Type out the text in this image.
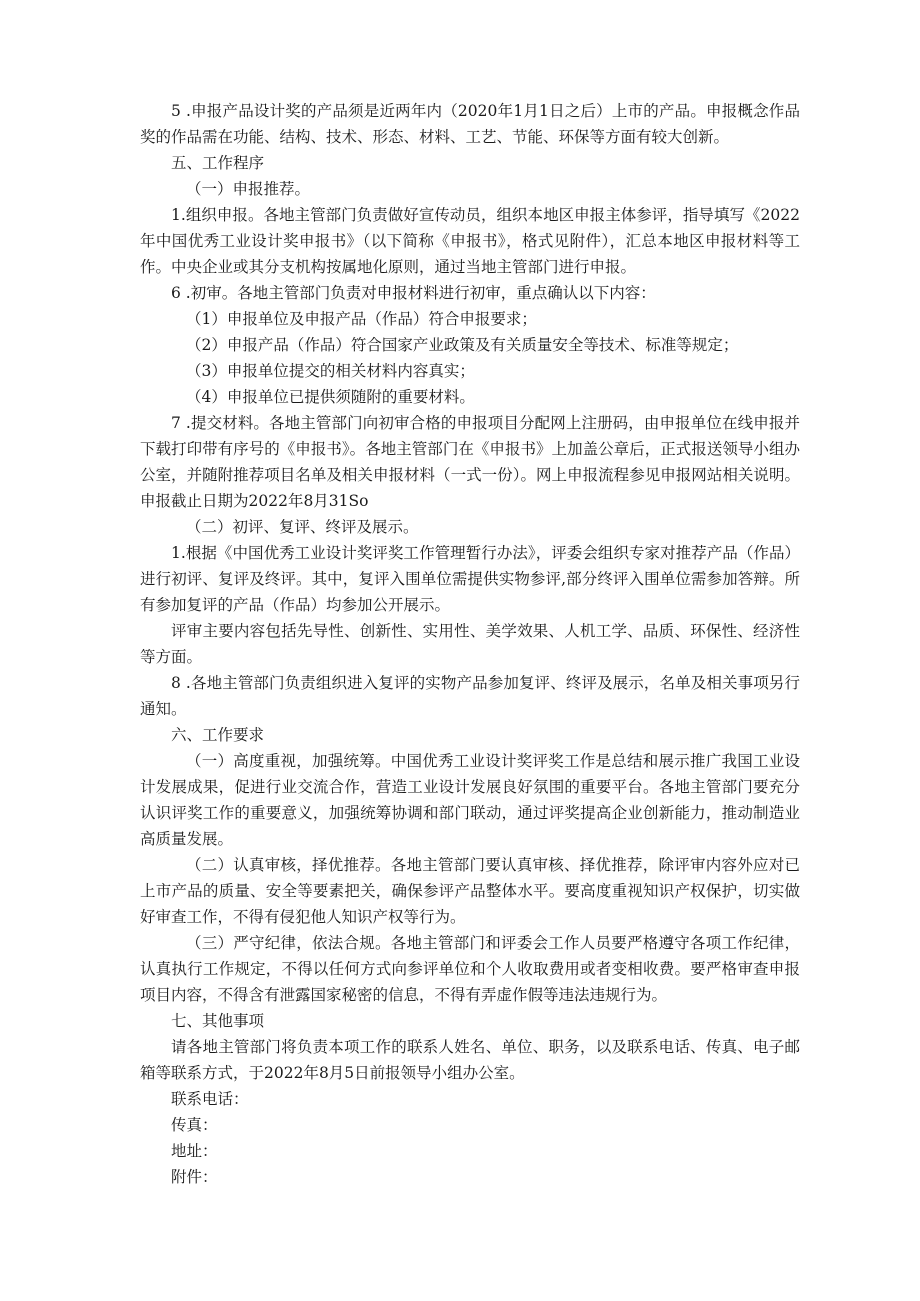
5 .申报产品设计奖的产品须是近两年内（2020年1月1日之后）上市的产品。申报概念作品奖的作品需在功能、结构、技术、形态、材料、工艺、节能、环保等方面有较大创新。

五、工作程序

（一）申报推荐。

1.组织申报。各地主管部门负责做好宣传动员，组织本地区申报主体参评，指导填写《2022年中国优秀工业设计奖申报书》（以下简称《申报书》，格式见附件），汇总本地区申报材料等工作。中央企业或其分支机构按属地化原则，通过当地主管部门进行申报。

6 .初审。各地主管部门负责对申报材料进行初审，重点确认以下内容：

（1）申报单位及申报产品（作品）符合申报要求；

（2）申报产品（作品）符合国家产业政策及有关质量安全等技术、标准等规定；

（3）申报单位提交的相关材料内容真实；

（4）申报单位已提供须随附的重要材料。

7 .提交材料。各地主管部门向初审合格的申报项目分配网上注册码，由申报单位在线申报并下载打印带有序号的《申报书》。各地主管部门在《申报书》上加盖公章后，正式报送领导小组办公室，并随附推荐项目名单及相关申报材料（一式一份）。网上申报流程参见申报网站相关说明。申报截止日期为2022年8月31So

（二）初评、复评、终评及展示。

1.根据《中国优秀工业设计奖评奖工作管理暂行办法》，评委会组织专家对推荐产品（作品）进行初评、复评及终评。其中，复评入围单位需提供实物参评,部分终评入围单位需参加答辩。所有参加复评的产品（作品）均参加公开展示。

评审主要内容包括先导性、创新性、实用性、美学效果、人机工学、品质、环保性、经济性等方面。

8 .各地主管部门负责组织进入复评的实物产品参加复评、终评及展示，名单及相关事项另行通知。

六、工作要求

（一）高度重视，加强统筹。中国优秀工业设计奖评奖工作是总结和展示推广我国工业设计发展成果，促进行业交流合作，营造工业设计发展良好氛围的重要平台。各地主管部门要充分认识评奖工作的重要意义，加强统筹协调和部门联动，通过评奖提高企业创新能力，推动制造业高质量发展。

（二）认真审核，择优推荐。各地主管部门要认真审核、择优推荐，除评审内容外应对已上市产品的质量、安全等要素把关，确保参评产品整体水平。要高度重视知识产权保护，切实做好审查工作，不得有侵犯他人知识产权等行为。

（三）严守纪律，依法合规。各地主管部门和评委会工作人员要严格遵守各项工作纪律，认真执行工作规定，不得以任何方式向参评单位和个人收取费用或者变相收费。要严格审查申报项目内容，不得含有泄露国家秘密的信息，不得有弄虚作假等违法违规行为。

七、其他事项

请各地主管部门将负责本项工作的联系人姓名、单位、职务，以及联系电话、传真、电子邮箱等联系方式，于2022年8月5日前报领导小组办公室。

联系电话：

传真：

地址：

附件：
